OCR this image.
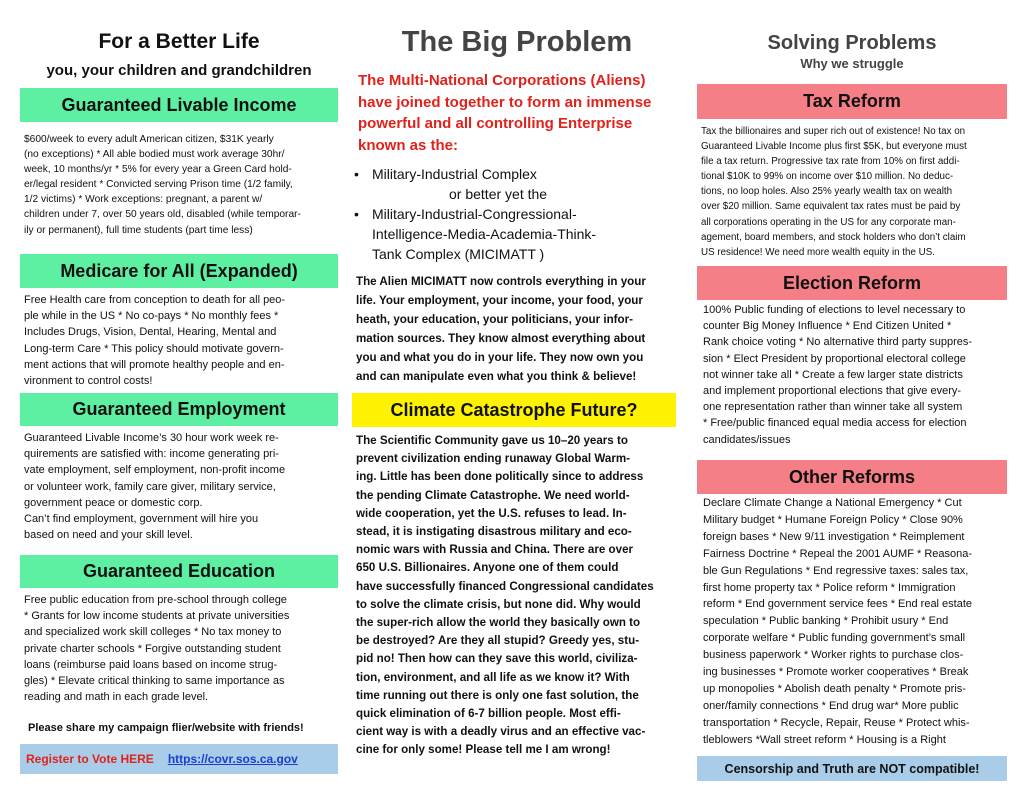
For a Better Life
you, your children and grandchildren
Guaranteed Livable Income
$600/week to every adult American citizen, $31K yearly
(no exceptions) * All able bodied must work average 30hr/
week, 10 months/yr * 5% for every year a Green Card hold-
er/legal resident * Convicted serving Prison time (1/2 family,
1/2 victims) * Work exceptions: pregnant, a parent w/
children under 7, over 50 years old, disabled (while temporar-
ily or permanent), full time students (part time less)
Medicare for All (Expanded)
Free Health care from conception to death for all peo-
ple while in the US * No co-pays * No monthly fees *
Includes Drugs, Vision, Dental, Hearing, Mental and
Long-term Care * This policy should motivate govern-
ment actions that will promote healthy people and en-
vironment to control costs!
Guaranteed Employment
Guaranteed Livable Income’s 30 hour work week re-
quirements are satisfied with: income generating pri-
vate employment, self employment, non-profit income
or volunteer work, family care giver, military service,
government peace or domestic corp.
Can’t find employment, government will hire you
based on need and your skill level.
Guaranteed Education
Free public education from pre-school through college
* Grants for low income students at private universities
and specialized work skill colleges * No tax money to
private charter schools * Forgive outstanding student
loans (reimburse paid loans based on income strug-
gles) * Elevate critical thinking to same importance as
reading and math in each grade level.
Please share my campaign flier/website with friends!
Register to Vote HERE https://covr.sos.ca.gov
The Big Problem
The Multi-National Corporations (Aliens)
have joined together to form an immense
powerful and all controlling Enterprise
known as the:
• Military-Industrial Complex
or better yet the
• Military-Industrial-Congressional-
Intelligence-Media-Academia-Think-
Tank Complex (MICIMATT )
The Alien MICIMATT now controls everything in your
life. Your employment, your income, your food, your
heath, your education, your politicians, your infor-
mation sources. They know almost everything about
you and what you do in your life. They now own you
and can manipulate even what you think & believe!
Climate Catastrophe Future?
The Scientific Community gave us 10–20 years to
prevent civilization ending runaway Global Warm-
ing. Little has been done politically since to address
the pending Climate Catastrophe. We need world-
wide cooperation, yet the U.S. refuses to lead. In-
stead, it is instigating disastrous military and eco-
nomic wars with Russia and China. There are over
650 U.S. Billionaires. Anyone one of them could
have successfully financed Congressional candidates
to solve the climate crisis, but none did. Why would
the super-rich allow the world they basically own to
be destroyed? Are they all stupid? Greedy yes, stu-
pid no! Then how can they save this world, civiliza-
tion, environment, and all life as we know it? With
time running out there is only one fast solution, the
quick elimination of 6-7 billion people. Most effi-
cient way is with a deadly virus and an effective vac-
cine for only some! Please tell me I am wrong!
Solving Problems
Why we struggle
Tax Reform
Tax the billionaires and super rich out of existence! No tax on
Guaranteed Livable Income plus first $5K, but everyone must
file a tax return. Progressive tax rate from 10% on first addi-
tional $10K to 99% on income over $10 million. No deduc-
tions, no loop holes. Also 25% yearly wealth tax on wealth
over $20 million. Same equivalent tax rates must be paid by
all corporations operating in the US for any corporate man-
agement, board members, and stock holders who don’t claim
US residence! We need more wealth equity in the US.
Election Reform
100% Public funding of elections to level necessary to
counter Big Money Influence * End Citizen United *
Rank choice voting * No alternative third party suppres-
sion * Elect President by proportional electoral college
not winner take all * Create a few larger state districts
and implement proportional elections that give every-
one representation rather than winner take all system
* Free/public financed equal media access for election
candidates/issues
Other Reforms
Declare Climate Change a National Emergency * Cut
Military budget * Humane Foreign Policy * Close 90%
foreign bases * New 9/11 investigation * Reimplement
Fairness Doctrine * Repeal the 2001 AUMF * Reasona-
ble Gun Regulations * End regressive taxes: sales tax,
first home property tax * Police reform * Immigration
reform * End government service fees * End real estate
speculation * Public banking * Prohibit usury * End
corporate welfare * Public funding government’s small
business paperwork * Worker rights to purchase clos-
ing businesses * Promote worker cooperatives * Break
up monopolies * Abolish death penalty * Promote pris-
oner/family connections * End drug war* More public
transportation * Recycle, Repair, Reuse * Protect whis-
tleblowers *Wall street reform * Housing is a Right
Censorship and Truth are NOT compatible!
